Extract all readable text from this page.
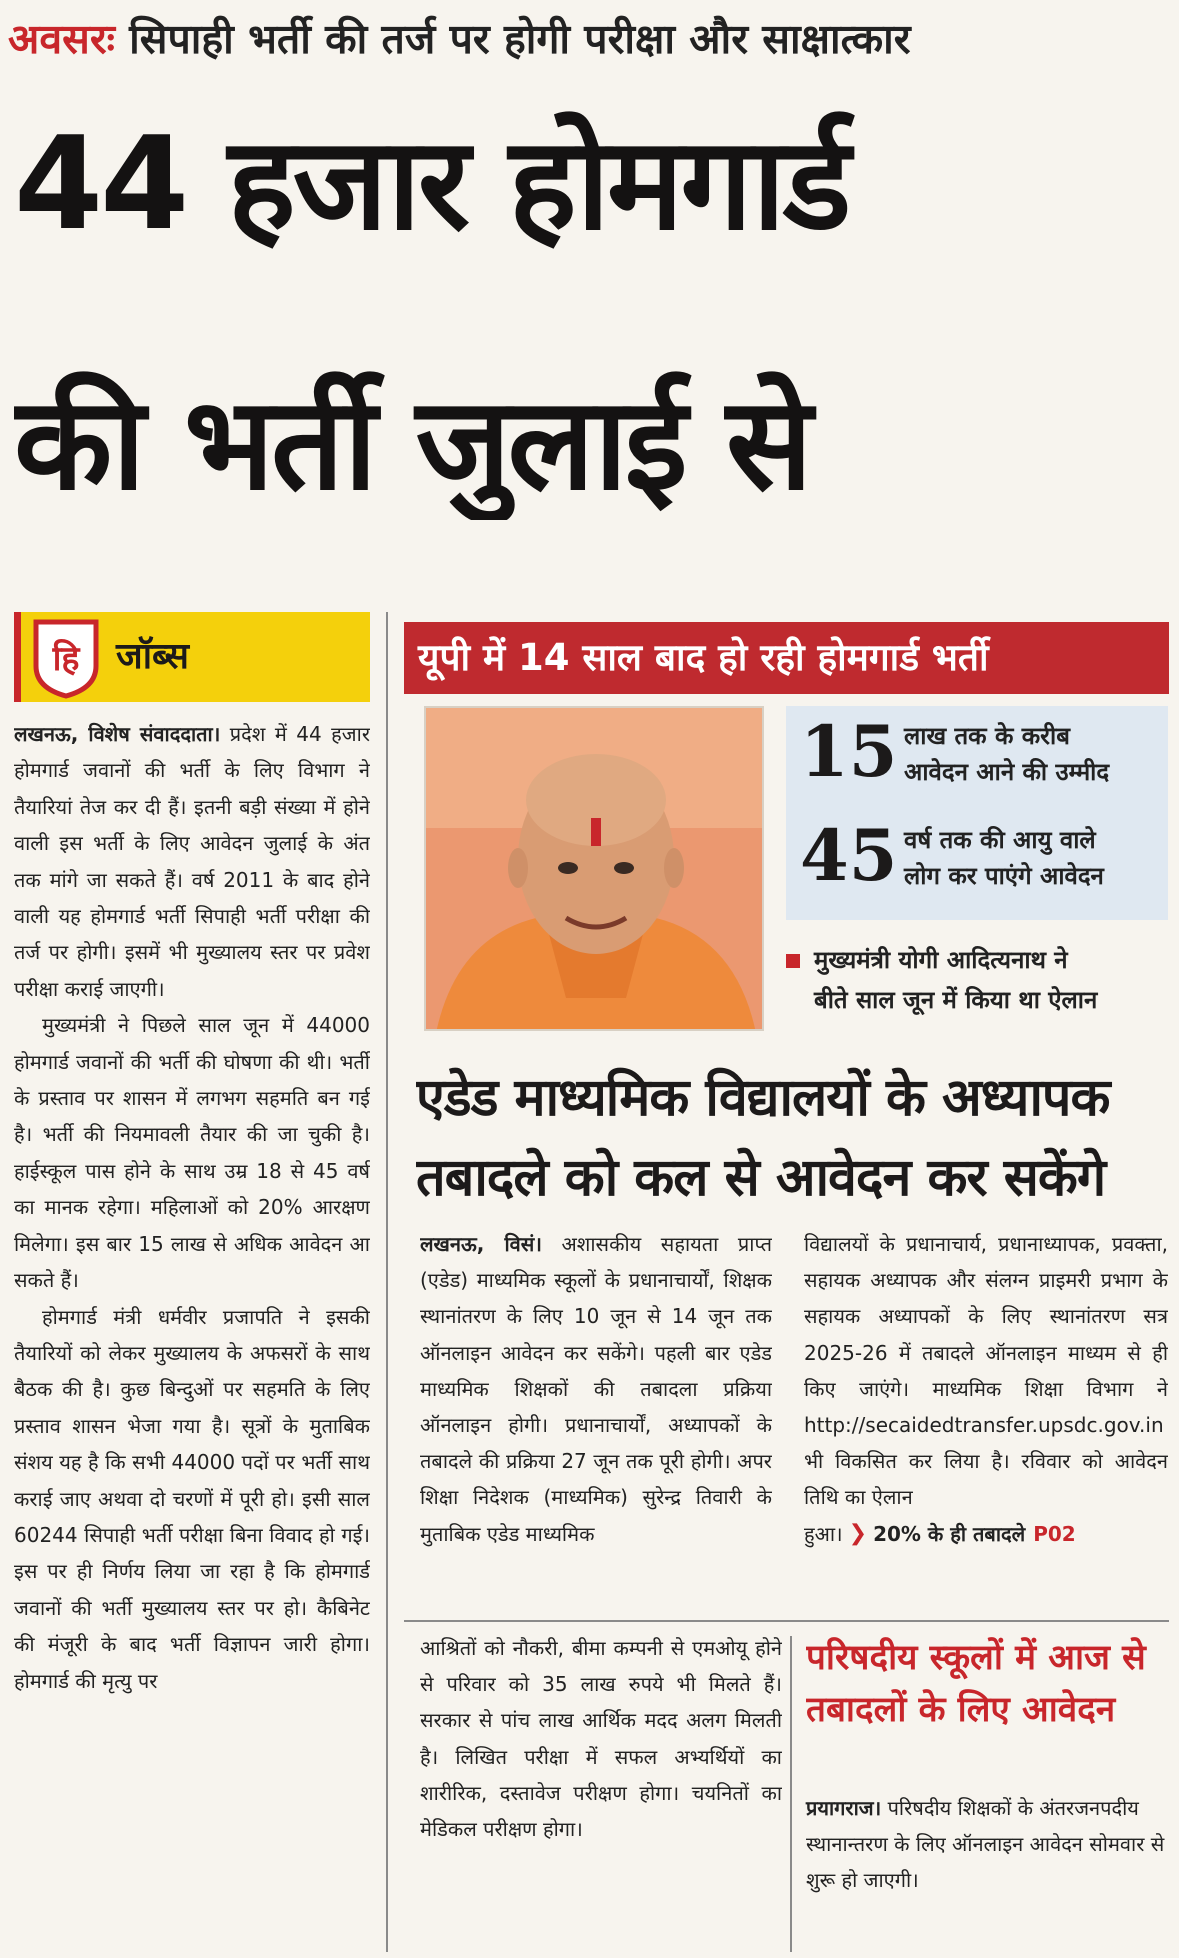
अवसरः सिपाही भर्ती की तर्ज पर होगी परीक्षा और साक्षात्कार
44 हजार होमगार्ड
की भर्ती जुलाई से
हि जॉब्स

लखनऊ, विशेष संवाददाता। प्रदेश में 44 हजार होमगार्ड जवानों की भर्ती के लिए विभाग ने तैयारियां तेज कर दी हैं। इतनी बड़ी संख्या में होने वाली इस भर्ती के लिए आवेदन जुलाई के अंत तक मांगे जा सकते हैं। वर्ष 2011 के बाद होने वाली यह होमगार्ड भर्ती सिपाही भर्ती परीक्षा की तर्ज पर होगी। इसमें भी मुख्यालय स्तर पर प्रवेश परीक्षा कराई जाएगी।

मुख्यमंत्री ने पिछले साल जून में 44000 होमगार्ड जवानों की भर्ती की घोषणा की थी। भर्ती के प्रस्ताव पर शासन में लगभग सहमति बन गई है। भर्ती की नियमावली तैयार की जा चुकी है। हाईस्कूल पास होने के साथ उम्र 18 से 45 वर्ष का मानक रहेगा। महिलाओं को 20% आरक्षण मिलेगा। इस बार 15 लाख से अधिक आवेदन आ सकते हैं।

होमगार्ड मंत्री धर्मवीर प्रजापति ने इसकी तैयारियों को लेकर मुख्यालय के अफसरों के साथ बैठक की है। कुछ बिन्दुओं पर सहमति के लिए प्रस्ताव शासन भेजा गया है। सूत्रों के मुताबिक संशय यह है कि सभी 44000 पदों पर भर्ती साथ कराई जाए अथवा दो चरणों में पूरी हो। इसी साल 60244 सिपाही भर्ती परीक्षा बिना विवाद हो गई। इस पर ही निर्णय लिया जा रहा है कि होमगार्ड जवानों की भर्ती मुख्यालय स्तर पर हो। कैबिनेट की मंजूरी के बाद भर्ती विज्ञापन जारी होगा। होमगार्ड की मृत्यु पर

यूपी में 14 साल बाद हो रही होमगार्ड भर्ती
15 लाख तक के करीब
आवेदन आने की उम्मीद
45 वर्ष तक की आयु वाले
लोग कर पाएंगे आवेदन
मुख्यमंत्री योगी आदित्यनाथ ने
बीते साल जून में किया था ऐलान
एडेड माध्यमिक विद्यालयों के अध्यापक
तबादले को कल से आवेदन कर सकेंगे

लखनऊ, विसं। अशासकीय सहायता प्राप्त (एडेड) माध्यमिक स्कूलों के प्रधानाचार्यों, शिक्षक स्थानांतरण के लिए 10 जून से 14 जून तक ऑनलाइन आवेदन कर सकेंगे। पहली बार एडेड माध्यमिक शिक्षकों की तबादला प्रक्रिया ऑनलाइन होगी। प्रधानाचार्यों, अध्यापकों के तबादले की प्रक्रिया 27 जून तक पूरी होगी। अपर शिक्षा निदेशक (माध्यमिक) सुरेन्द्र तिवारी के मुताबिक एडेड माध्यमिक

विद्यालयों के प्रधानाचार्य, प्रधानाध्यापक, प्रवक्ता, सहायक अध्यापक और संलग्न प्राइमरी प्रभाग के सहायक अध्यापकों के लिए स्थानांतरण सत्र 2025-26 में तबादले ऑनलाइन माध्यम से ही किए जाएंगे। माध्यमिक शिक्षा विभाग ने http://secaidedtransfer.upsdc.gov.in भी विकसित कर लिया है। रविवार को आवेदन तिथि का ऐलान

हुआ। ❯ 20% के ही तबादले P02

आश्रितों को नौकरी, बीमा कम्पनी से एमओयू होने से परिवार को 35 लाख रुपये भी मिलते हैं। सरकार से पांच लाख आर्थिक मदद अलग मिलती है। लिखित परीक्षा में सफल अभ्यर्थियों का शारीरिक, दस्तावेज परीक्षण होगा। चयनितों का मेडिकल परीक्षण होगा।

परिषदीय स्कूलों में आज से
तबादलों के लिए आवेदन

प्रयागराज। परिषदीय शिक्षकों के अंतरजनपदीय स्थानान्तरण के लिए ऑनलाइन आवेदन सोमवार से शुरू हो जाएगी।
